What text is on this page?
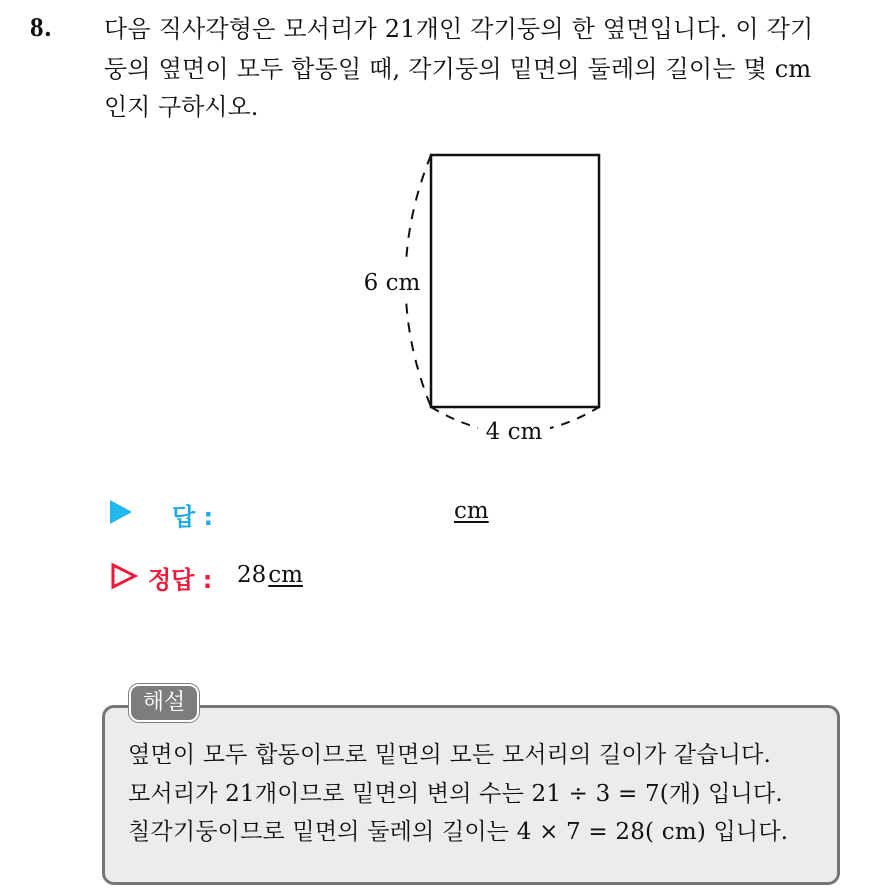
8. 다음 직사각형은 모서리가 21개인 각기둥의 한 옆면입니다. 이 각기
둥의 옆면이 모두 합동일 때, 각기둥의 밑면의 둘레의 길이는 몇 cm
인지 구하시오.
6 cm
4 cm
답 :	cm
정답 : 28cm
해설
옆면이 모두 합동이므로 밑면의 모든 모서리의 길이가 같습니다.
모서리가 21개이므로 밑면의 변의 수는 21 ÷ 3 = 7(개) 입니다.
칠각기둥이므로 밑면의 둘레의 길이는 4 × 7 = 28( cm) 입니다.
